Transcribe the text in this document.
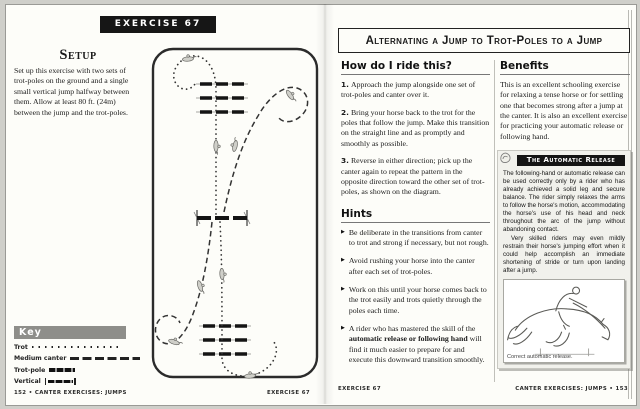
EXERCISE 67
Setup
Set up this exercise with two sets of trot-poles on the ground and a single small vertical jump halfway between them. Allow at least 80 ft. (24m) between the jump and the trot-poles.
Key
Trot
Medium canter
Trot-pole
Vertical
152 • CANTER EXERCISES: JUMPS	EXERCISE 67
Alternating a Jump to Trot-Poles to a Jump
How do I ride this?
1. Approach the jump alongside one set of trot-poles and canter over it.
2. Bring your horse back to the trot for the poles that follow the jump. Make this transition on the straight line and as promptly and smoothly as possible.
3. Reverse in either direction; pick up the canter again to repeat the pattern in the opposite direction toward the other set of trot-poles, as shown on the diagram.
Hints
▶ Be deliberate in the transitions from canter to trot and strong if necessary, but not rough.
▶ Avoid rushing your horse into the canter after each set of trot-poles.
▶ Work on this until your horse comes back to the trot easily and trots quietly through the poles each time.
▶ A rider who has mastered the skill of the automatic release or following hand will find it much easier to prepare for and execute this downward transition smoothly.
Benefits
This is an excellent schooling exercise for relaxing a tense horse or for settling one that becomes strong after a jump at the canter. It is also an excellent exercise for practicing your automatic release or following hand.
The Automatic Release
The following-hand or automatic release can be used correctly only by a rider who has already achieved a solid leg and secure balance. The rider simply relaxes the arms to follow the horse's motion, accommodating the horse's use of his head and neck throughout the arc of the jump without abandoning contact.
Very skilled riders may even mildly restrain their horse's jumping effort when it could help accomplish an immediate shortening of stride or turn upon landing after a jump.
Correct automatic release.
EXERCISE 67	CANTER EXERCISES: JUMPS • 153
